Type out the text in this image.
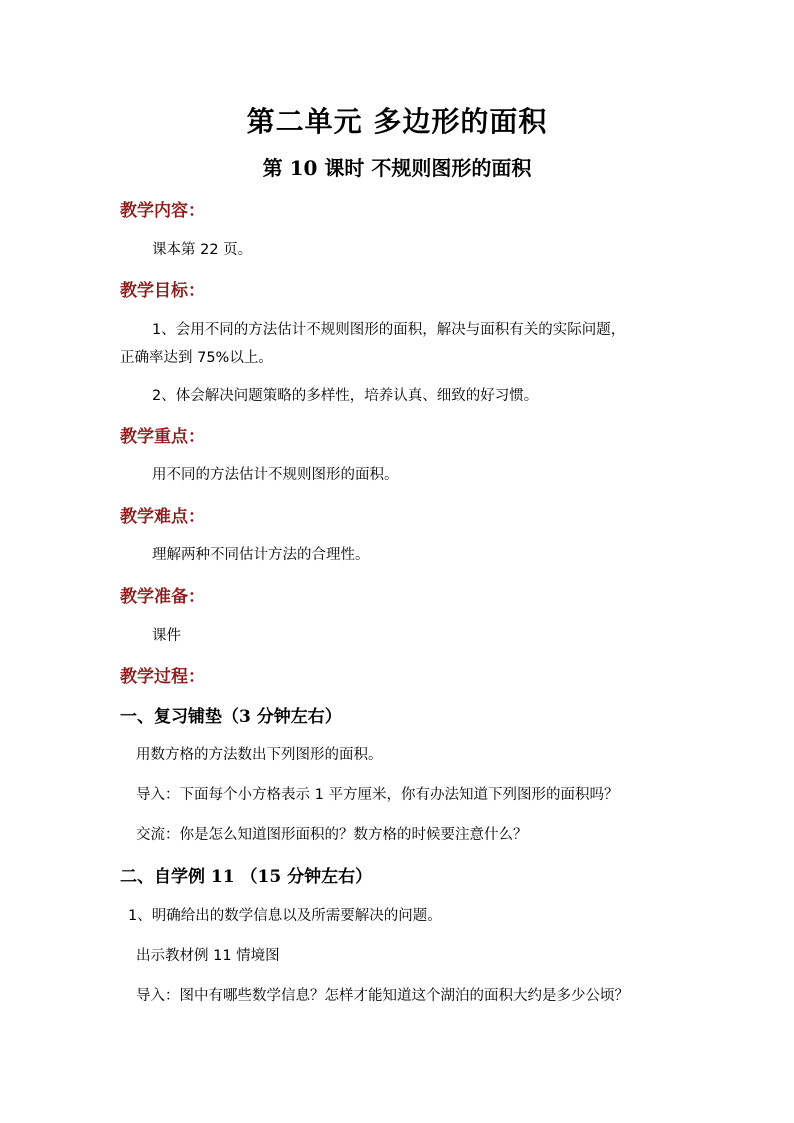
第二单元 多边形的面积
第 10 课时 不规则图形的面积
教学内容：
课本第 22 页。
教学目标：
1、会用不同的方法估计不规则图形的面积，解决与面积有关的实际问题，
正确率达到 75%以上。
2、体会解决问题策略的多样性，培养认真、细致的好习惯。
教学重点：
用不同的方法估计不规则图形的面积。
教学难点：
理解两种不同估计方法的合理性。
教学准备：
课件
教学过程：
一、复习铺垫（3 分钟左右）
用数方格的方法数出下列图形的面积。
导入：下面每个小方格表示 1 平方厘米，你有办法知道下列图形的面积吗？
交流：你是怎么知道图形面积的？数方格的时候要注意什么？
二、自学例 11 （15 分钟左右）
1、明确给出的数学信息以及所需要解决的问题。
出示教材例 11 情境图
导入：图中有哪些数学信息？怎样才能知道这个湖泊的面积大约是多少公顷？
